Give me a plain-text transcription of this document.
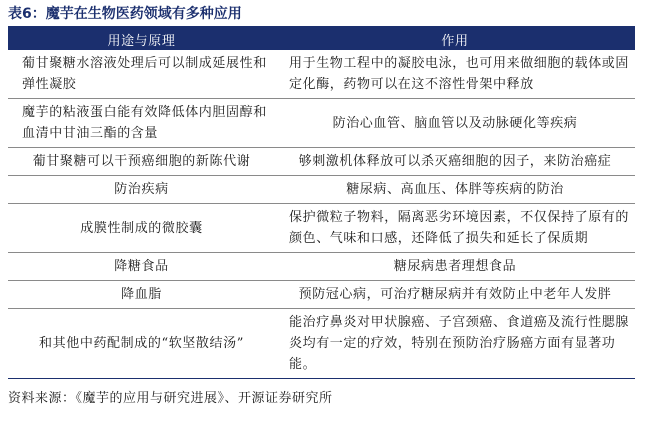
表6：魔芋在生物医药领域有多种应用
用途与原理	作用
葡甘聚糖水溶液处理后可以制成延展性和弹性凝胶	用于生物工程中的凝胶电泳，也可用来做细胞的载体或固定化酶，药物可以在这不溶性骨架中释放
魔芋的粘液蛋白能有效降低体内胆固醇和血清中甘油三酯的含量	防治心血管、脑血管以及动脉硬化等疾病
葡甘聚糖可以干预癌细胞的新陈代谢	够刺激机体释放可以杀灭癌细胞的因子，来防治癌症
防治疾病	糖尿病、高血压、体胖等疾病的防治
成膜性制成的微胶囊	保护微粒子物料，隔离恶劣环境因素，不仅保持了原有的颜色、气味和口感，还降低了损失和延长了保质期
降糖食品	糖尿病患者理想食品
降血脂	预防冠心病，可治疗糖尿病并有效防止中老年人发胖
和其他中药配制成的“软坚散结汤”	能治疗鼻炎对甲状腺癌、子宫颈癌、食道癌及流行性腮腺炎均有一定的疗效，特别在预防治疗肠癌方面有显著功能。
资料来源：《魔芋的应用与研究进展》、开源证券研究所
